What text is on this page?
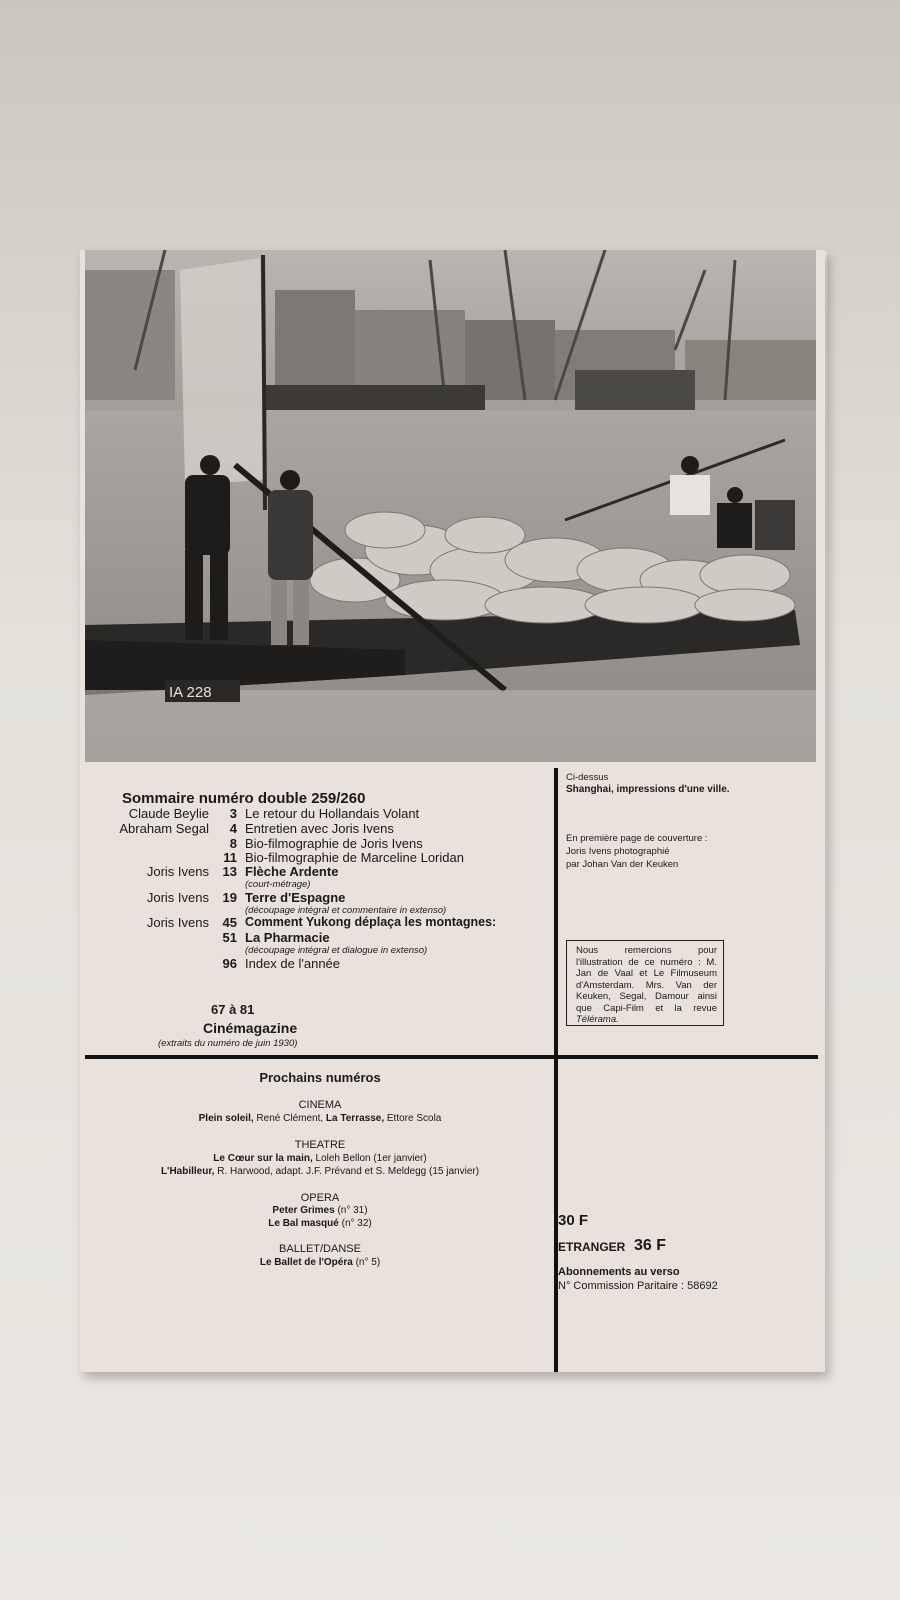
IA 228
Sommaire numéro double 259/260
Claude Beylie	3 Le retour du Hollandais Volant
Abraham Segal	4 Entretien avec Joris Ivens
8 Bio-filmographie de Joris Ivens
11 Bio-filmographie de Marceline Loridan
Joris Ivens	13 Flèche Ardente
(court-métrage)
Joris Ivens	19 Terre d'Espagne
(découpage intégral et commentaire in extenso)
Joris Ivens	45 Comment Yukong déplaça les montagnes:
51 La Pharmacie
(découpage intégral et dialogue in extenso)
96 Index de l'année
67 à 81
Cinémagazine
(extraits du numéro de juin 1930)
Ci-dessus
Shanghai, impressions d'une ville.
En première page de couverture :
Joris Ivens photographié
par Johan Van der Keuken
Nous remercions pour l'illustration de ce numéro : M. Jan de Vaal et Le Filmuseum d'Amsterdam. Mrs. Van der Keuken, Segal, Damour ainsi que Capi-Film et la revue Télérama.
Prochains numéros
CINEMA
Plein soleil, René Clément, La Terrasse, Ettore Scola
THEATRE
Le Cœur sur la main, Loleh Bellon (1er janvier)
L'Habilleur, R. Harwood, adapt. J.F. Prévand et S. Meldegg (15 janvier)
OPERA
Peter Grimes (n° 31)
Le Bal masqué (n° 32)
BALLET/DANSE
Le Ballet de l'Opéra (n° 5)
30 F
ETRANGER 36 F
Abonnements au verso
N° Commission Paritaire : 58692
